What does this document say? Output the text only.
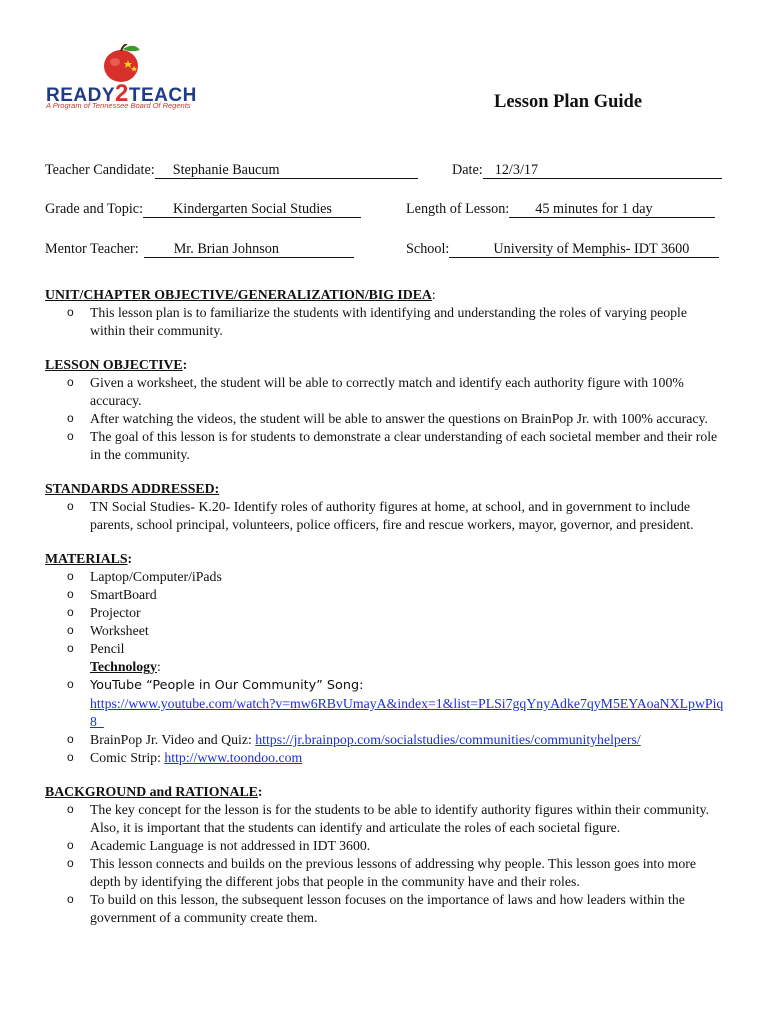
READY2TEACH
A Program of Tennessee Board Of Regents	Lesson Plan Guide
Teacher Candidate: Stephanie Baucum	Date: 12/3/17
Grade and Topic: Kindergarten Social Studies	Length of Lesson: 45 minutes for 1 day
Mentor Teacher: Mr. Brian Johnson	School:	University of Memphis- IDT 3600
UNIT/CHAPTER OBJECTIVE/GENERALIZATION/BIG IDEA:
o This lesson plan is to familiarize the students with identifying and understanding the roles of varying people within their community.
LESSON OBJECTIVE:
o Given a worksheet, the student will be able to correctly match and identify each authority figure with 100% accuracy.
o After watching the videos, the student will be able to answer the questions on BrainPop Jr. with 100% accuracy.
o The goal of this lesson is for students to demonstrate a clear understanding of each societal member and their role in the community.
STANDARDS ADDRESSED:
o TN Social Studies- K.20- Identify roles of authority figures at home, at school, and in government to include parents, school principal, volunteers, police officers, fire and rescue workers, mayor, governor, and president.
MATERIALS:
o Laptop/Computer/iPads
o SmartBoard
o Projector
o Worksheet
o Pencil
Technology:
o YouTube “People in Our Community” Song:
https://www.youtube.com/watch?v=mw6RBvUmayA&index=1&list=PLSi7gqYnyAdke7qyM5EYAoaNXLpwPiq8_
o BrainPop Jr. Video and Quiz: https://jr.brainpop.com/socialstudies/communities/communityhelpers/
o Comic Strip: http://www.toondoo.com
BACKGROUND and RATIONALE:
o The key concept for the lesson is for the students to be able to identify authority figures within their community. Also, it is important that the students can identify and articulate the roles of each societal figure.
o Academic Language is not addressed in IDT 3600.
o This lesson connects and builds on the previous lessons of addressing why people. This lesson goes into more depth by identifying the different jobs that people in the community have and their roles.
o To build on this lesson, the subsequent lesson focuses on the importance of laws and how leaders within the government of a community create them.
